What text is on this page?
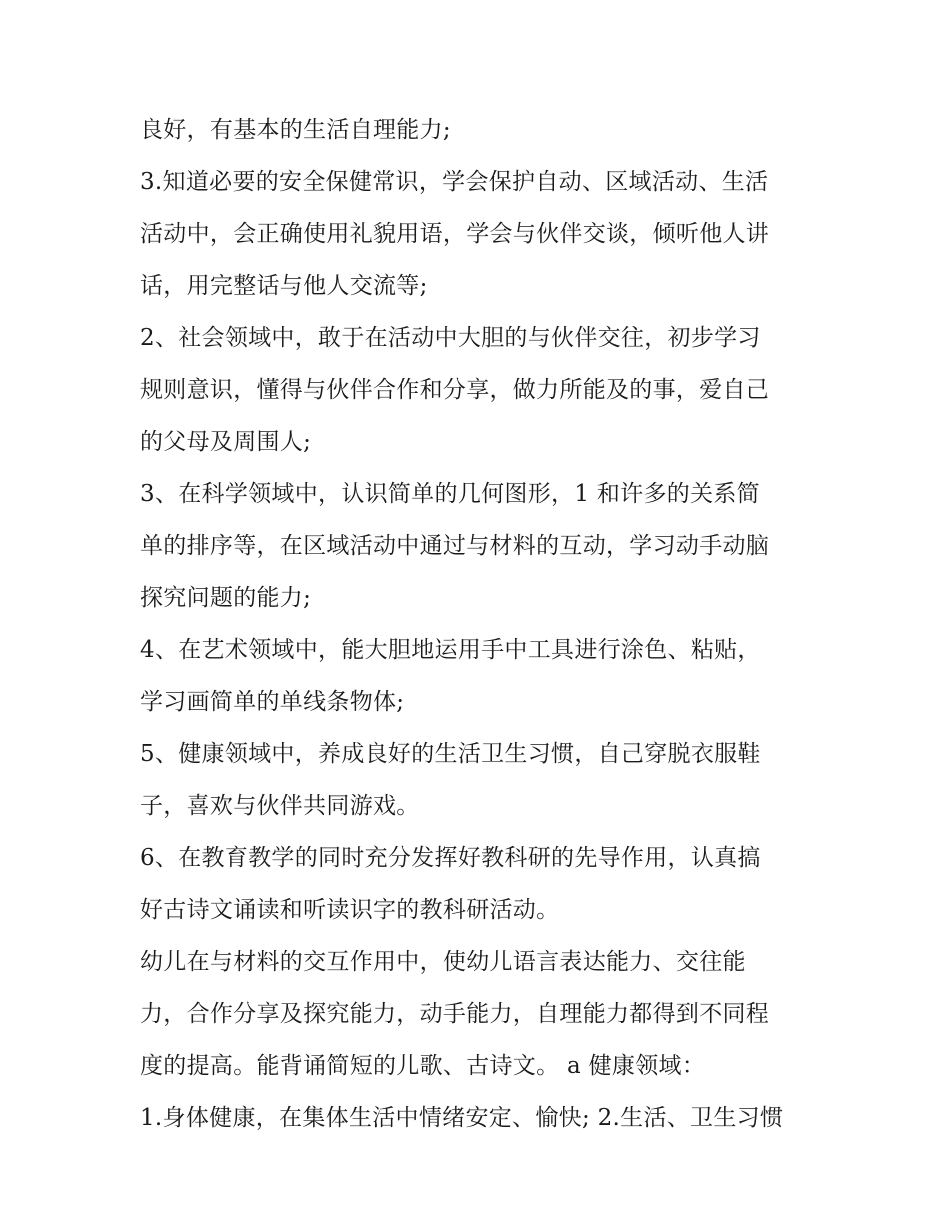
良好，有基本的生活自理能力;
3.知道必要的安全保健常识，学会保护自动、区域活动、生活
活动中，会正确使用礼貌用语，学会与伙伴交谈，倾听他人讲
话，用完整话与他人交流等;
2、社会领域中，敢于在活动中大胆的与伙伴交往，初步学习
规则意识，懂得与伙伴合作和分享，做力所能及的事，爱自己
的父母及周围人;
3、在科学领域中，认识简单的几何图形，1 和许多的关系简
单的排序等，在区域活动中通过与材料的互动，学习动手动脑
探究问题的能力;
4、在艺术领域中，能大胆地运用手中工具进行涂色、粘贴，
学习画简单的单线条物体;
5、健康领域中，养成良好的生活卫生习惯，自己穿脱衣服鞋
子，喜欢与伙伴共同游戏。
6、在教育教学的同时充分发挥好教科研的先导作用，认真搞
好古诗文诵读和听读识字的教科研活动。
幼儿在与材料的交互作用中，使幼儿语言表达能力、交往能
力，合作分享及探究能力，动手能力，自理能力都得到不同程
度的提高。能背诵简短的儿歌、古诗文。 a 健康领域：
1.身体健康，在集体生活中情绪安定、愉快; 2.生活、卫生习惯
